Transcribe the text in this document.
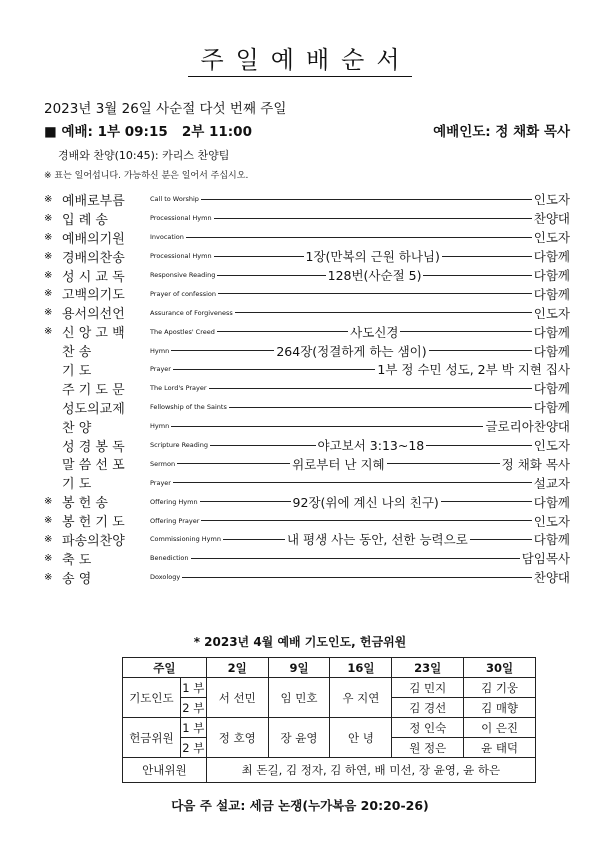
주일예배순서
2023년 3월 26일 사순절 다섯 번째 주일
■ 예배: 1부 09:15 2부 11:00	예배인도: 정 채화 목사
경배와 찬양(10:45): 카리스 찬양팀
※ 표는 일어섭니다. 가능하신 분은 일어서 주십시오.
※ 예배로부름	Call to Worship	인도자
※ 입 례 송	Processional Hymn	찬양대
※ 예배의기원	Invocation	인도자
※ 경배의찬송	Processional Hymn	1장(만복의 근원 하나님)	다함께
※ 성 시 교 독	Responsive Reading	128번(사순절 5)	다함께
※ 고백의기도	Prayer of confession	다함께
※ 용서의선언	Assurance of Forgiveness	인도자
※ 신 앙 고 백	The Apostles' Creed	사도신경	다함께
찬 송	Hymn	264장(정결하게 하는 샘이)	다함께
기 도	Prayer	1부 정 수민 성도, 2부 박 지현 집사
주 기 도 문	The Lord's Prayer	다함께
성도의교제	Fellowship of the Saints	다함께
찬 양	Hymn	글로리아찬양대
성 경 봉 독	Scripture Reading	야고보서 3:13~18	인도자
말 씀 선 포	Sermon	위로부터 난 지혜	정 채화 목사
기 도	Prayer	설교자
※ 봉 헌 송	Offering Hymn	92장(위에 계신 나의 친구)	다함께
※ 봉 헌 기 도	Offering Prayer	인도자
※ 파송의찬양	Commissioning Hymn	내 평생 사는 동안, 선한 능력으로	다함께
※ 축 도	Benediction	담임목사
※ 송 영	Doxology	찬양대
* 2023년 4월 예배 기도인도, 헌금위원
주일		2일	9일	16일	23일	30일
기도인도	1 부	서 선민	임 민호	우 지연	김 민지	김 기웅
	2 부				김 경선	김 매향
헌금위원	1 부	정 호영	장 윤영	안 녕	정 인숙	이 은진
	2 부				원 정은	윤 태덕
안내위원		최 돈길, 김 정자, 김 하연, 배 미선, 장 윤영, 윤 하은				
다음 주 설교: 세금 논쟁(누가복음 20:20-26)
